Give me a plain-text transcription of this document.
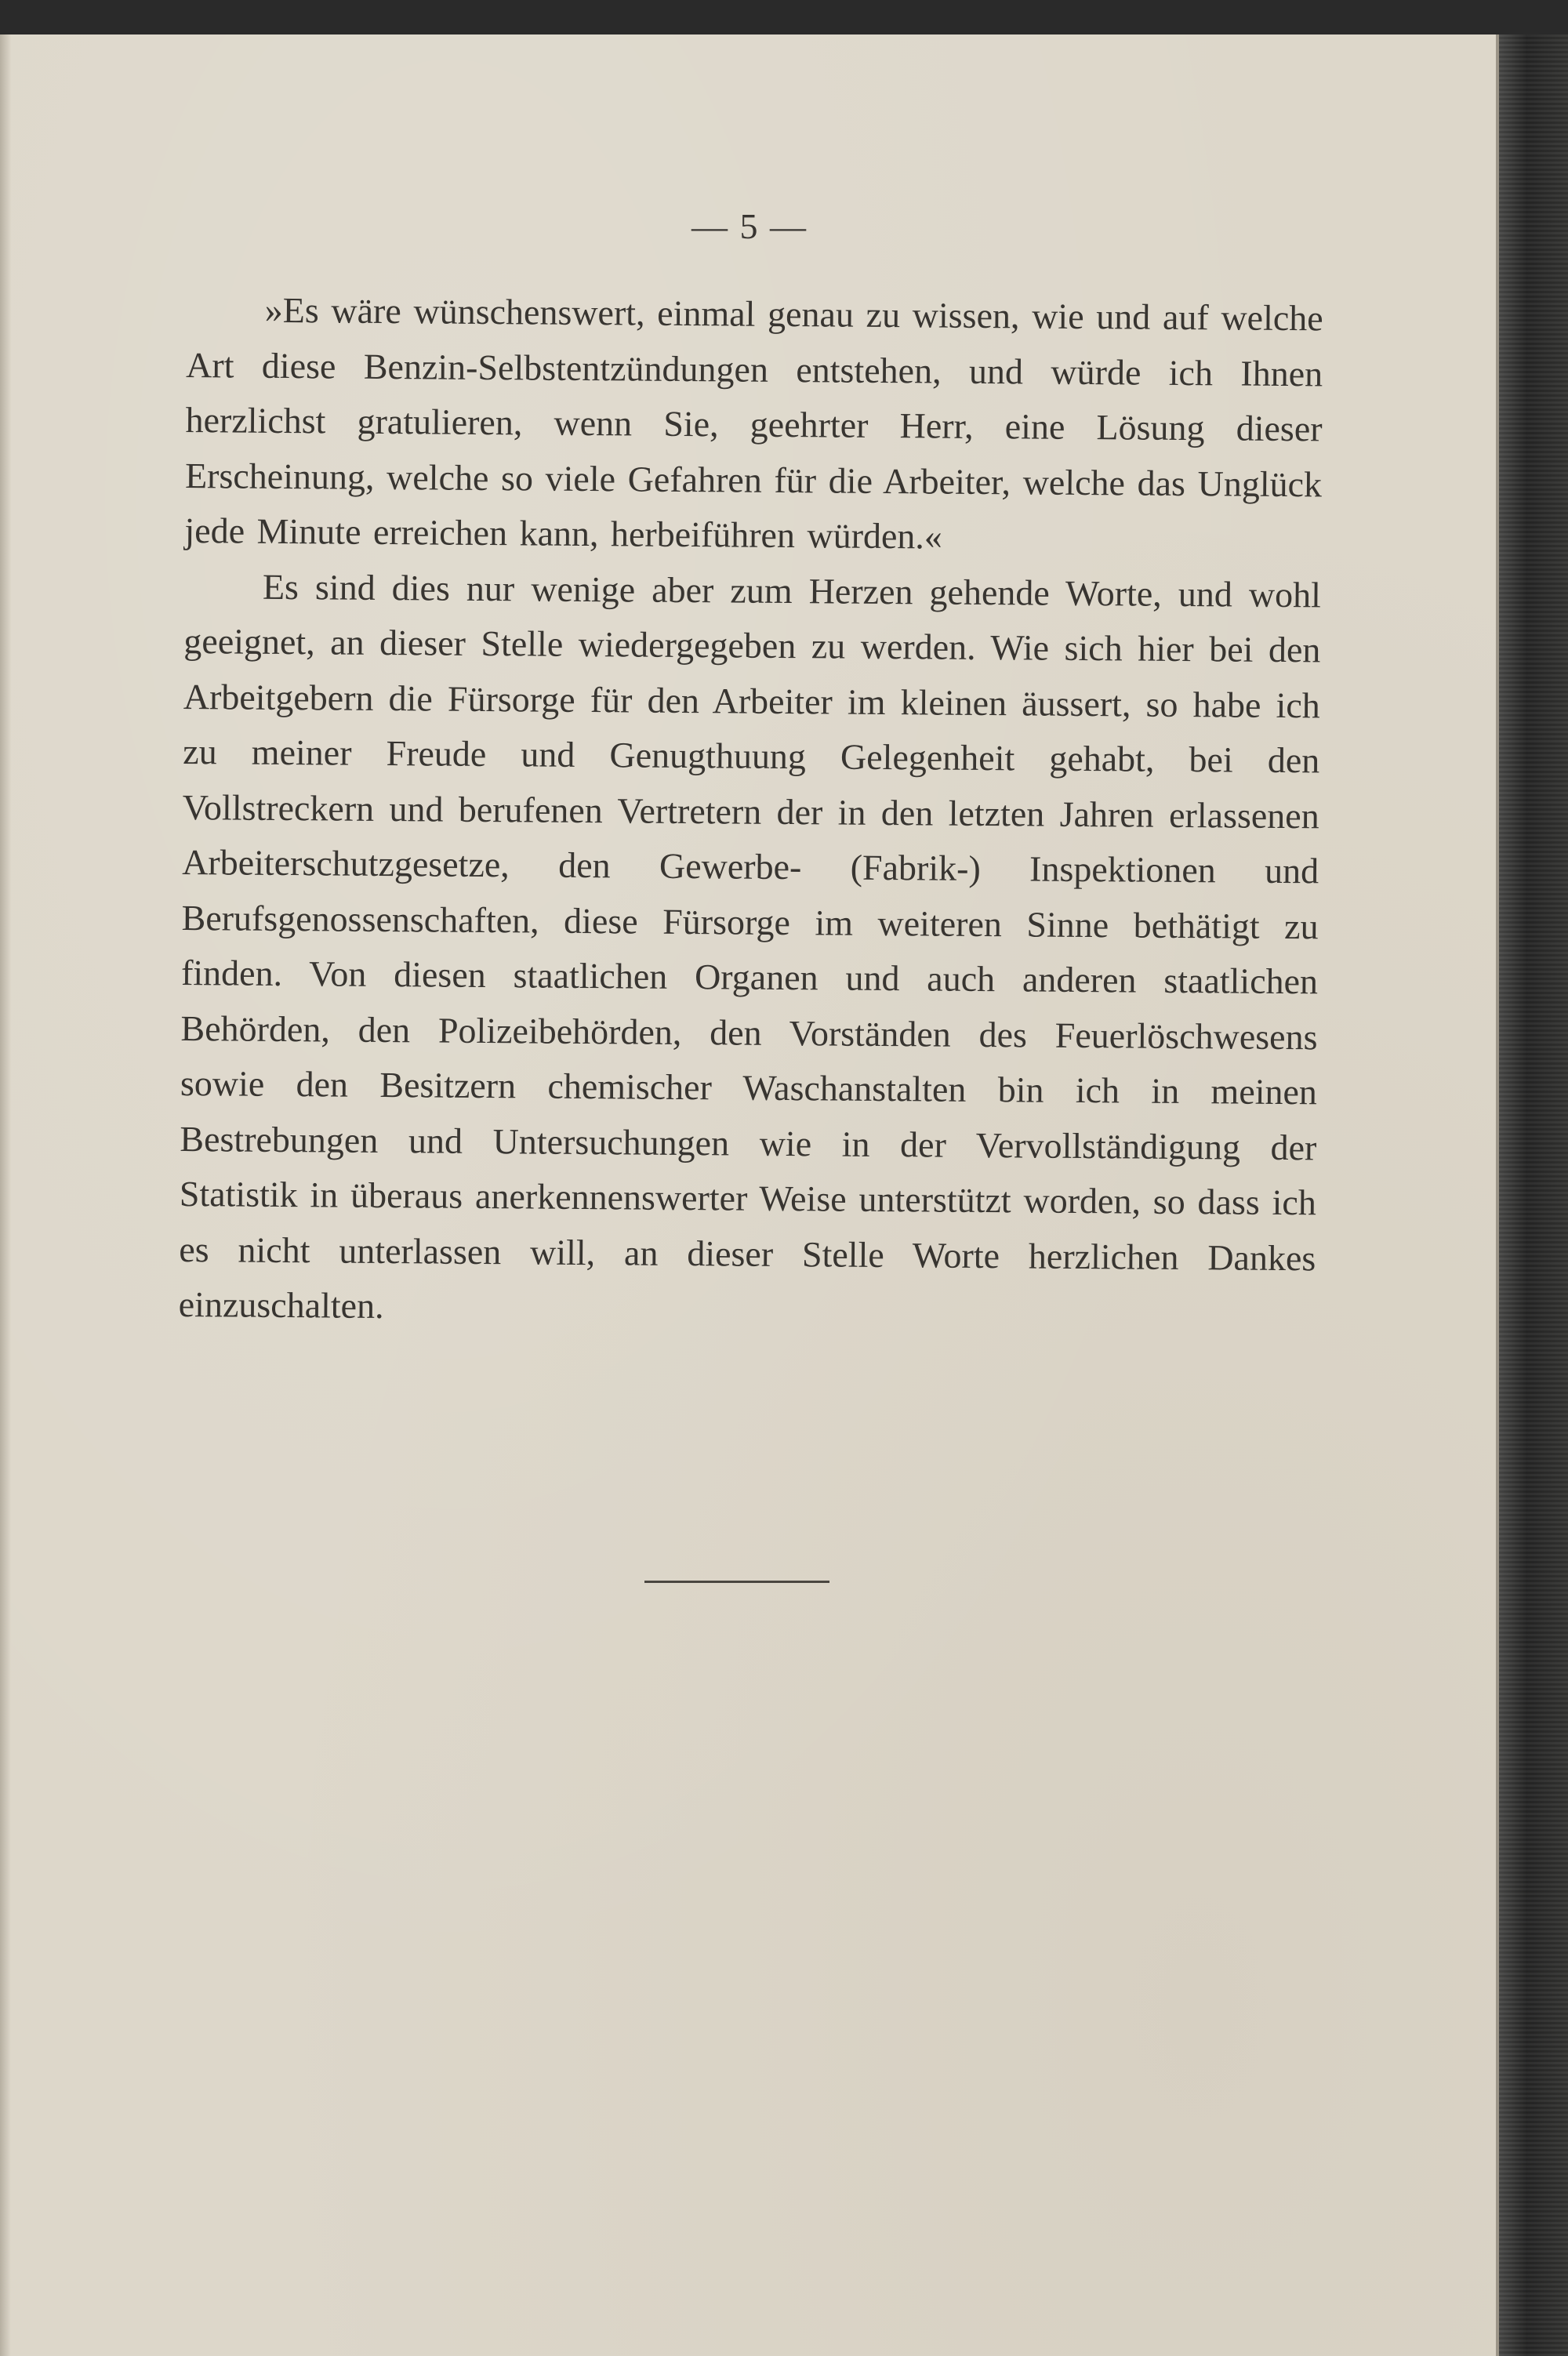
— 5 —

»Es wäre wünschenswert, einmal genau zu wissen, wie und auf welche Art diese Benzin-Selbstentzündungen entstehen, und würde ich Ihnen herzlichst gratulieren, wenn Sie, geehrter Herr, eine Lösung dieser Erscheinung, welche so viele Gefahren für die Arbeiter, welche das Unglück jede Minute erreichen kann, herbeiführen würden.«

Es sind dies nur wenige aber zum Herzen gehende Worte, und wohl geeignet, an dieser Stelle wiedergegeben zu werden. Wie sich hier bei den Arbeitgebern die Fürsorge für den Arbeiter im kleinen äussert, so habe ich zu meiner Freude und Genugthuung Gelegenheit gehabt, bei den Vollstreckern und berufenen Vertretern der in den letzten Jahren erlassenen Arbeiterschutzgesetze, den Gewerbe- (Fabrik-) Inspektionen und Berufsgenossenschaften, diese Fürsorge im weiteren Sinne bethätigt zu finden. Von diesen staatlichen Organen und auch anderen staatlichen Behörden, den Polizeibehörden, den Vorständen des Feuerlöschwesens sowie den Besitzern chemischer Waschanstalten bin ich in meinen Bestrebungen und Untersuchungen wie in der Vervollständigung der Statistik in überaus anerkennenswerter Weise unterstützt worden, so dass ich es nicht unterlassen will, an dieser Stelle Worte herzlichen Dankes einzuschalten.
